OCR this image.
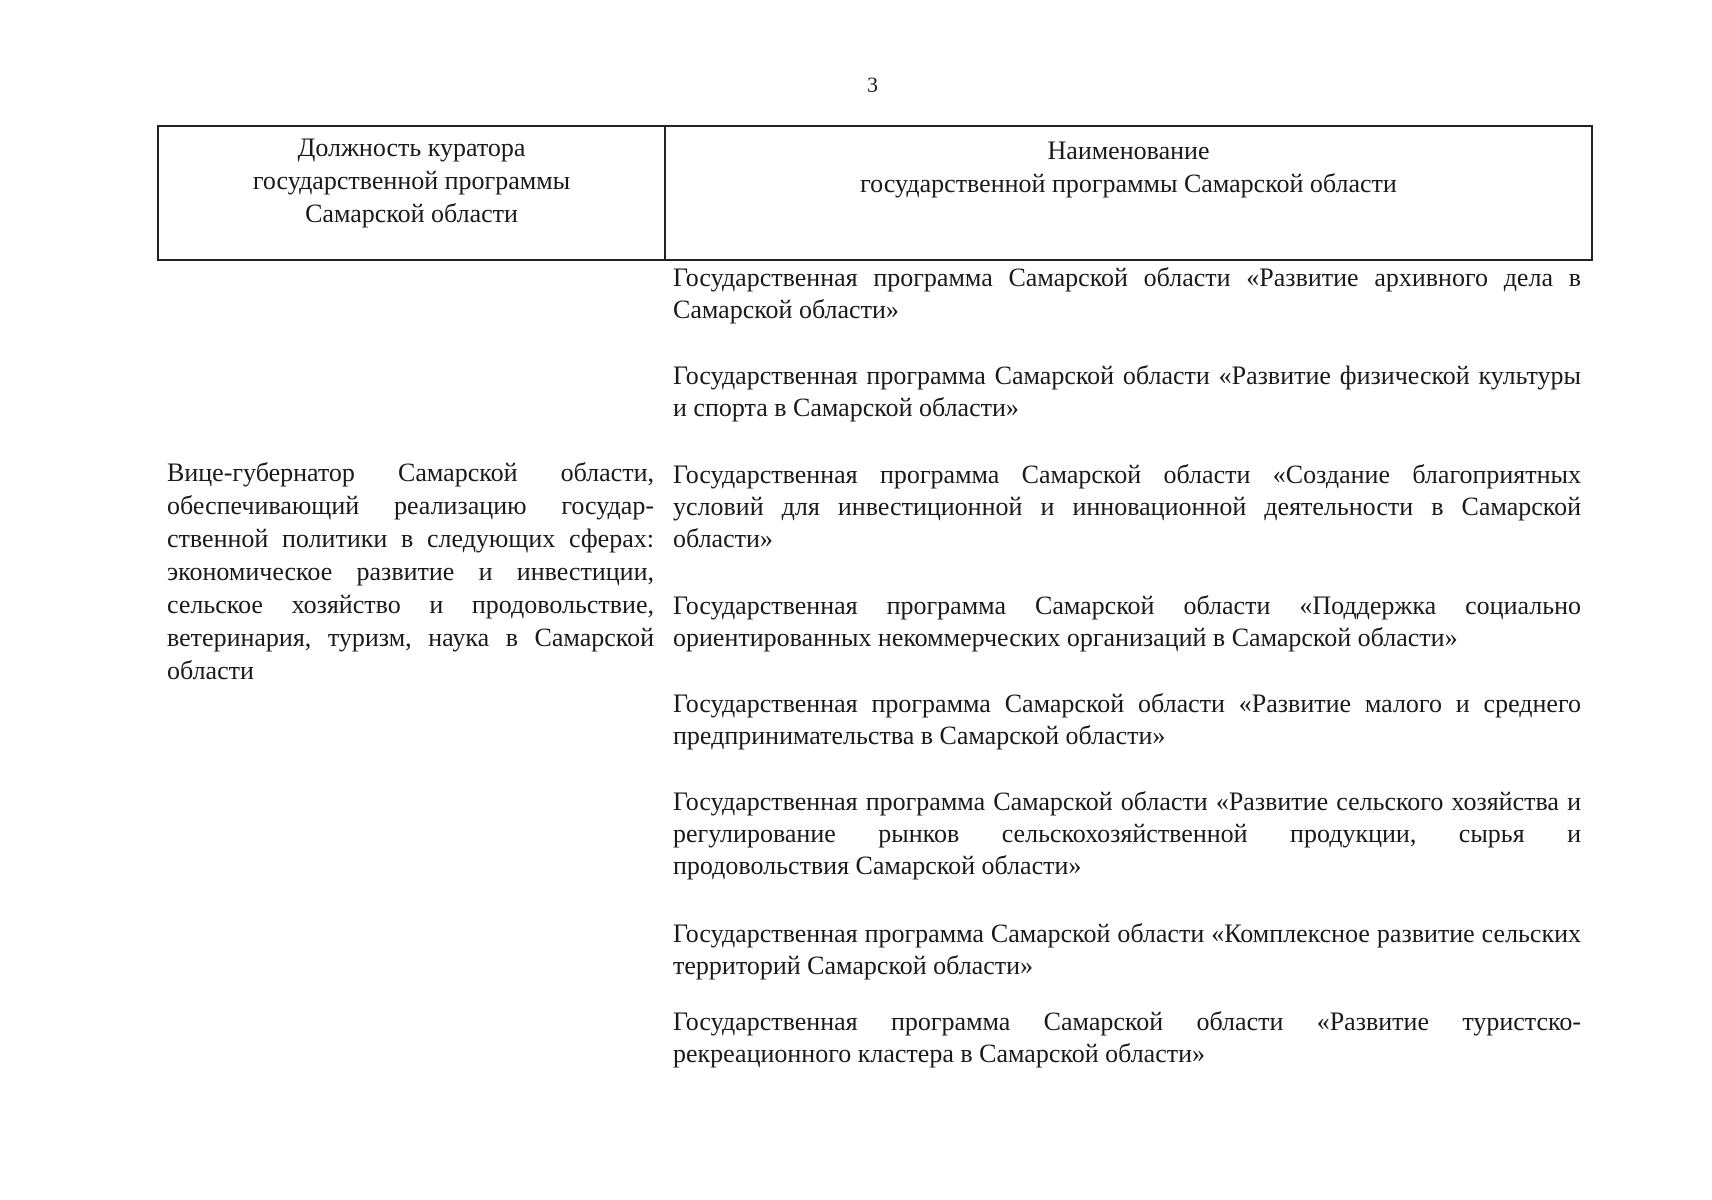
3
Должность куратора
государственной программы
Самарской области
Наименование
государственной программы Самарской области
Вице-губернатор Самарской области, обеспечивающий реализацию государственной политики в следующих сферах: экономическое развитие и инвестиции, сельское хозяйство и продовольствие, ветеринария, туризм, наука в Самарской области
Государственная программа Самарской области «Развитие архивного дела в Самарской области»
Государственная программа Самарской области «Развитие физической культуры и спорта в Самарской области»
Государственная программа Самарской области «Создание благоприятных условий для инвестиционной и инновационной деятельности в Самарской области»
Государственная программа Самарской области «Поддержка социально ориентированных некоммерческих организаций в Самарской области»
Государственная программа Самарской области «Развитие малого и среднего предпринимательства в Самарской области»
Государственная программа Самарской области «Развитие сельского хозяйства и регулирование рынков сельскохозяйственной продукции, сырья и продовольствия Самарской области»
Государственная программа Самарской области «Комплексное развитие сельских территорий Самарской области»
Государственная программа Самарской области «Развитие туристско-рекреационного кластера в Самарской области»
